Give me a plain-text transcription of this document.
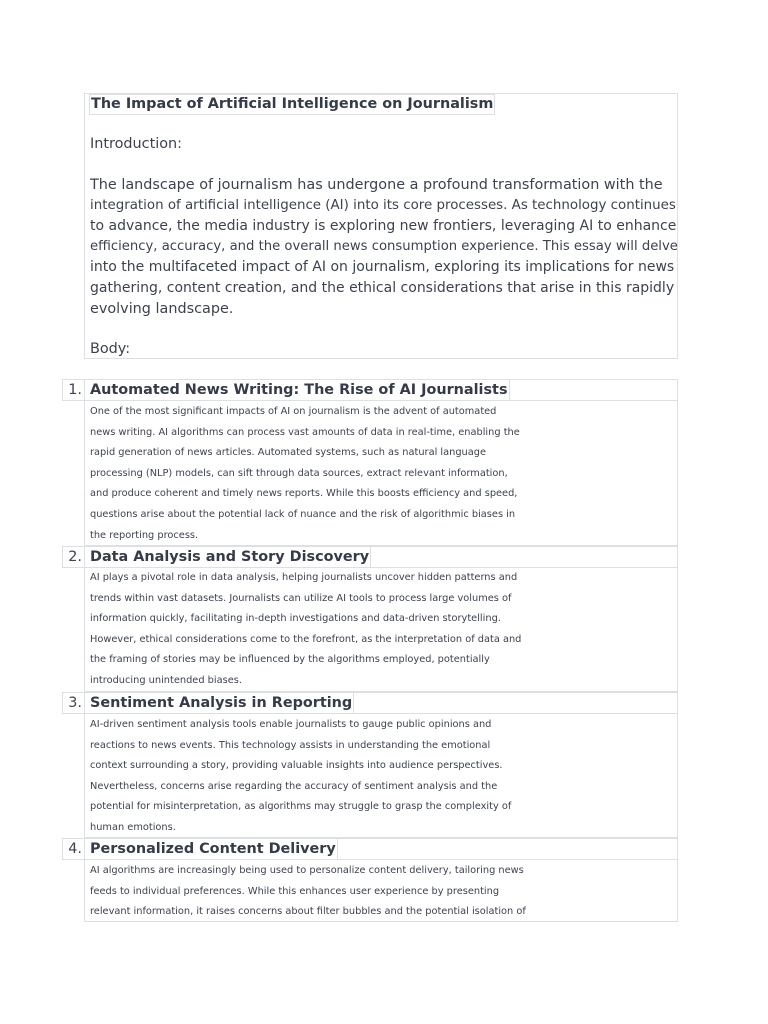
The Impact of Artificial Intelligence on Journalism
Introduction:
The landscape of journalism has undergone a profound transformation with the
integration of artificial intelligence (AI) into its core processes. As technology continues
to advance, the media industry is exploring new frontiers, leveraging AI to enhance
efficiency, accuracy, and the overall news consumption experience. This essay will delve
into the multifaceted impact of AI on journalism, exploring its implications for news
gathering, content creation, and the ethical considerations that arise in this rapidly
evolving landscape.
Body:
1. Automated News Writing: The Rise of AI Journalists
One of the most significant impacts of AI on journalism is the advent of automated
news writing. AI algorithms can process vast amounts of data in real-time, enabling the
rapid generation of news articles. Automated systems, such as natural language
processing (NLP) models, can sift through data sources, extract relevant information,
and produce coherent and timely news reports. While this boosts efficiency and speed,
questions arise about the potential lack of nuance and the risk of algorithmic biases in
the reporting process.
2. Data Analysis and Story Discovery
AI plays a pivotal role in data analysis, helping journalists uncover hidden patterns and
trends within vast datasets. Journalists can utilize AI tools to process large volumes of
information quickly, facilitating in-depth investigations and data-driven storytelling.
However, ethical considerations come to the forefront, as the interpretation of data and
the framing of stories may be influenced by the algorithms employed, potentially
introducing unintended biases.
3. Sentiment Analysis in Reporting
AI-driven sentiment analysis tools enable journalists to gauge public opinions and
reactions to news events. This technology assists in understanding the emotional
context surrounding a story, providing valuable insights into audience perspectives.
Nevertheless, concerns arise regarding the accuracy of sentiment analysis and the
potential for misinterpretation, as algorithms may struggle to grasp the complexity of
human emotions.
4. Personalized Content Delivery
AI algorithms are increasingly being used to personalize content delivery, tailoring news
feeds to individual preferences. While this enhances user experience by presenting
relevant information, it raises concerns about filter bubbles and the potential isolation of
